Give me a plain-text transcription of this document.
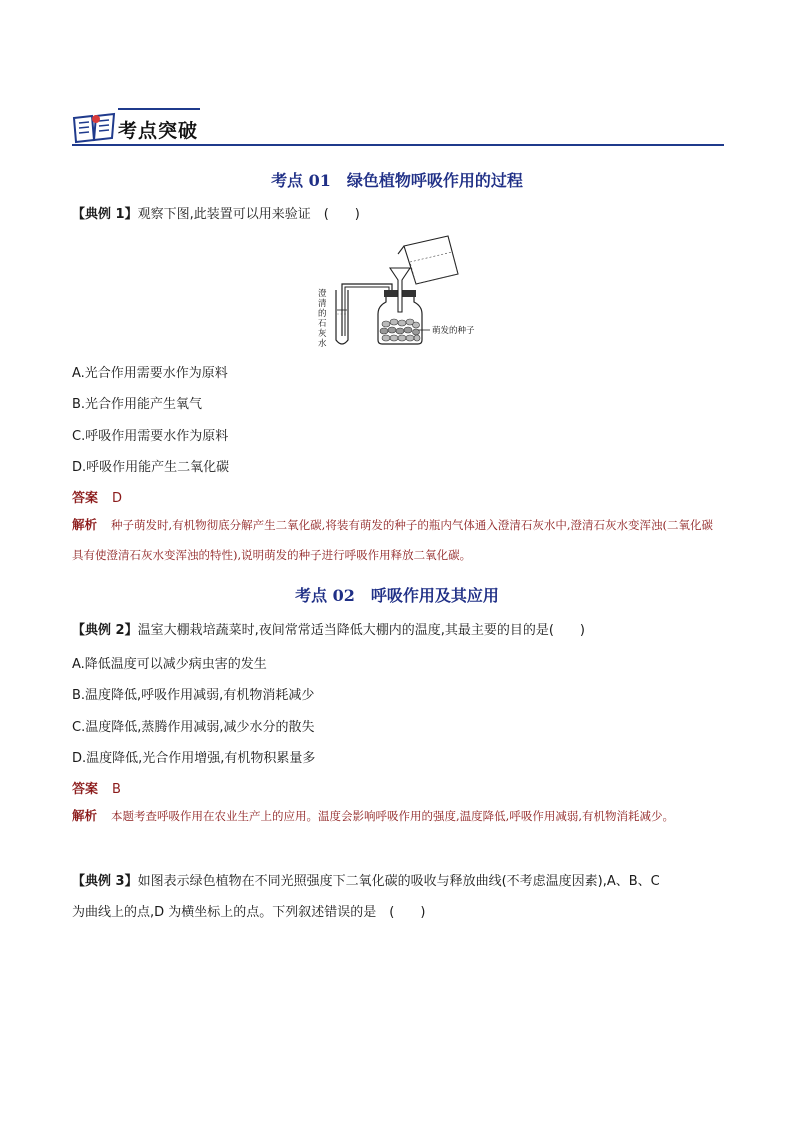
考点突破
考点 01　绿色植物呼吸作用的过程
【典例 1】观察下图,此装置可以用来验证　(　　)
澄
清
的
石
灰
水
萌发的种子
A.光合作用需要水作为原料
B.光合作用能产生氧气
C.呼吸作用需要水作为原料
D.呼吸作用能产生二氧化碳
答案 D
解析 种子萌发时,有机物彻底分解产生二氧化碳,将装有萌发的种子的瓶内气体通入澄清石灰水中,澄清石灰水变浑浊(二氧化碳具有使澄清石灰水变浑浊的特性),说明萌发的种子进行呼吸作用释放二氧化碳。
考点 02　呼吸作用及其应用
【典例 2】温室大棚栽培蔬菜时,夜间常常适当降低大棚内的温度,其最主要的目的是(　　)
A.降低温度可以减少病虫害的发生
B.温度降低,呼吸作用减弱,有机物消耗减少
C.温度降低,蒸腾作用减弱,减少水分的散失
D.温度降低,光合作用增强,有机物积累量多
答案 B
解析 本题考查呼吸作用在农业生产上的应用。温度会影响呼吸作用的强度,温度降低,呼吸作用减弱,有机物消耗减少。
【典例 3】如图表示绿色植物在不同光照强度下二氧化碳的吸收与释放曲线(不考虑温度因素),A、B、C
为曲线上的点,D 为横坐标上的点。下列叙述错误的是　(　　)
